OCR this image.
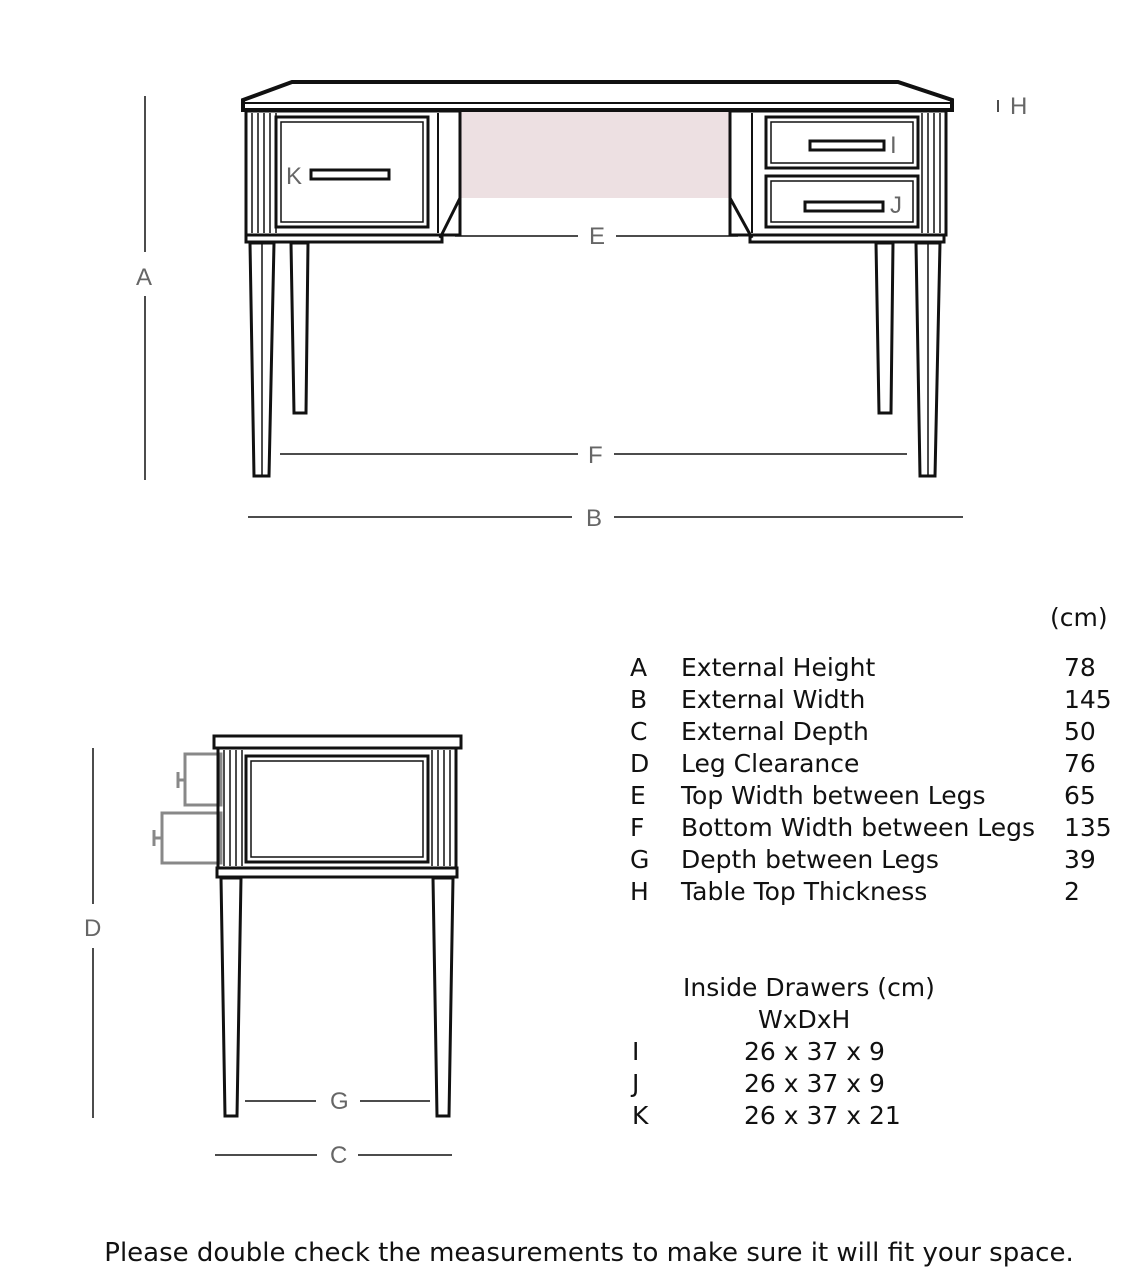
A
E
F
B
H
K
I
J
D
G
C
(cm)
A External Height	78
B External Width	145
C External Depth	50
D Leg Clearance	76
E Top Width between Legs	65
F Bottom Width between Legs 135
G Depth between Legs	39
H Table Top Thickness	2
Inside Drawers (cm)
WxDxH
I	26 x 37 x 9
J	26 x 37 x 9
K	26 x 37 x 21
Please double check the measurements to make sure it will fit your space.
